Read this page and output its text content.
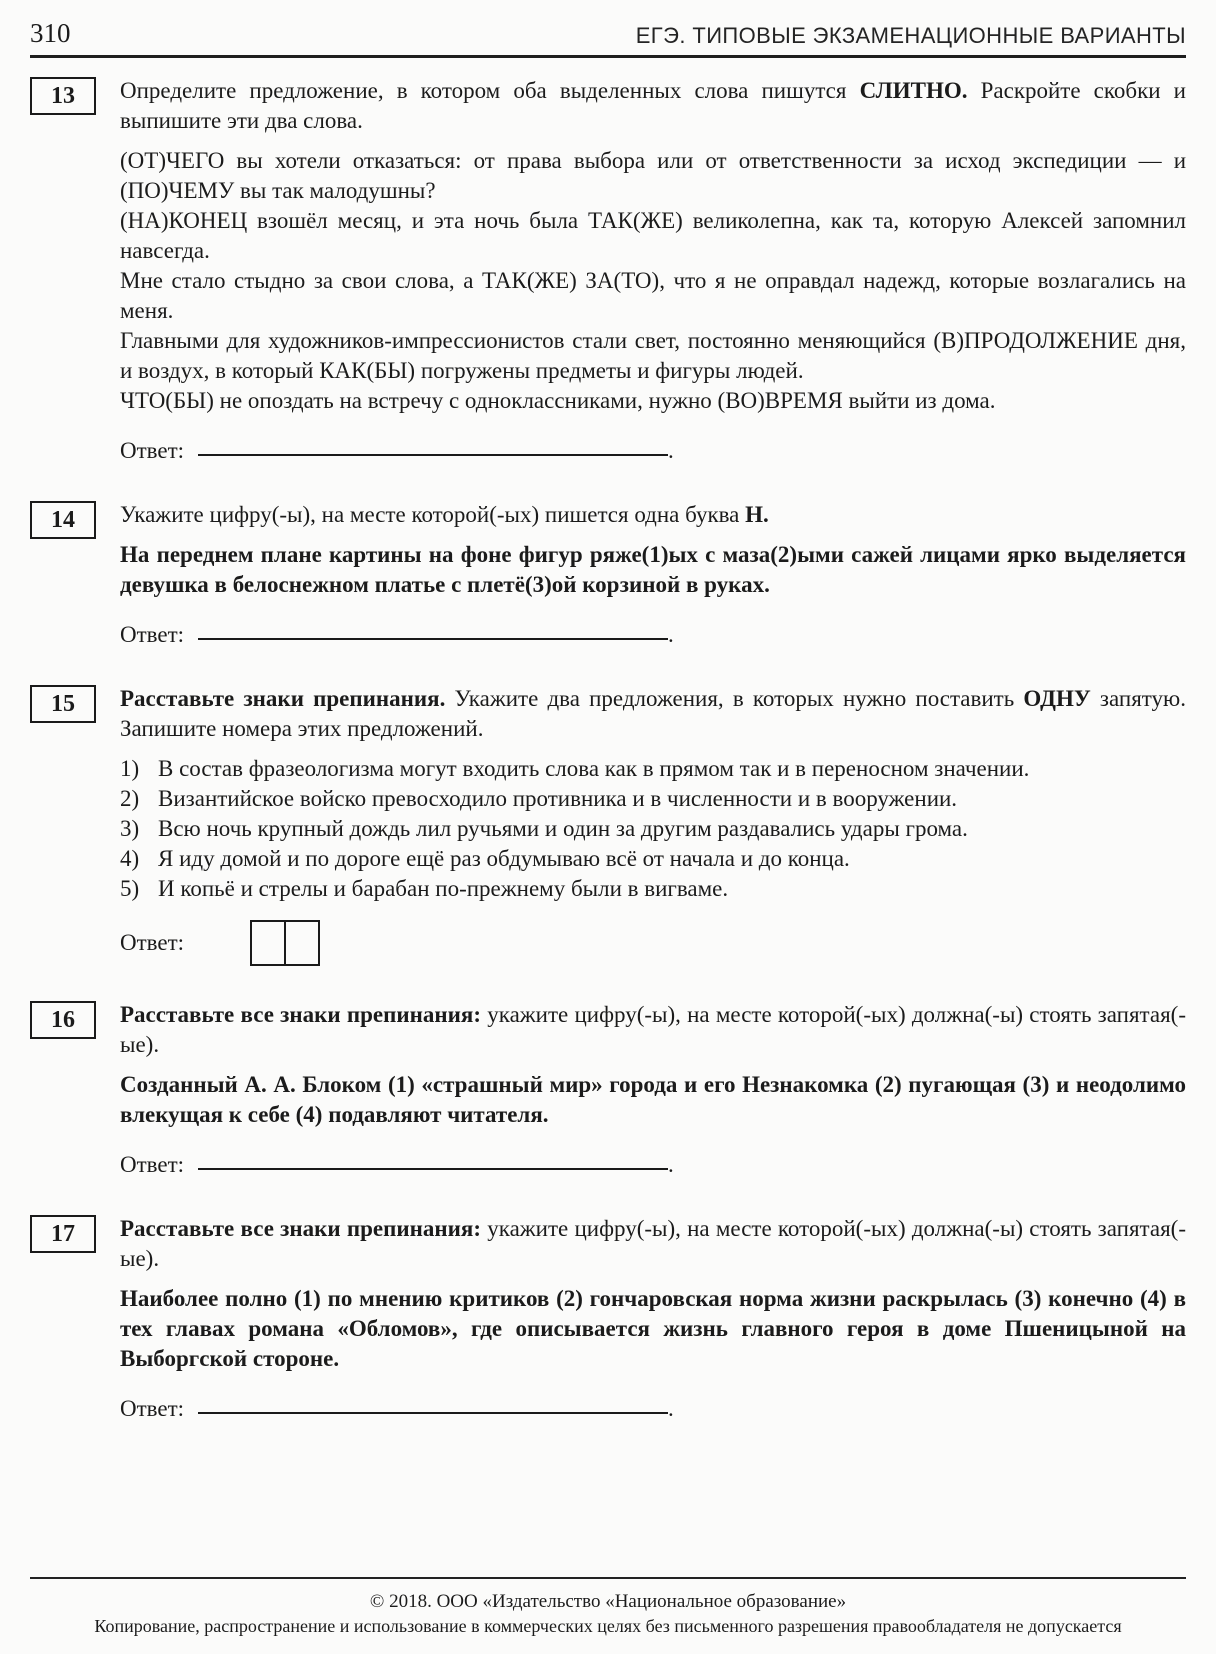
310	ЕГЭ. ТИПОВЫЕ ЭКЗАМЕНАЦИОННЫЕ ВАРИАНТЫ
13	Определите предложение, в котором оба выделенных слова пишутся СЛИТНО. Раскройте скобки и выпишите эти два слова.

(ОТ)ЧЕГО вы хотели отказаться: от права выбора или от ответственности за исход экспедиции — и (ПО)ЧЕМУ вы так малодушны?

(НА)КОНЕЦ взошёл месяц, и эта ночь была ТАК(ЖЕ) великолепна, как та, которую Алексей запомнил навсегда.

Мне стало стыдно за свои слова, а ТАК(ЖЕ) ЗА(ТО), что я не оправдал надежд, которые возлагались на меня.

Главными для художников-импрессионистов стали свет, постоянно меняющийся (В)ПРОДОЛЖЕНИЕ дня, и воздух, в который КАК(БЫ) погружены предметы и фигуры людей.

ЧТО(БЫ) не опоздать на встречу с одноклассниками, нужно (ВО)ВРЕМЯ выйти из дома.

Ответ:	.
14	Укажите цифру(-ы), на месте которой(-ых) пишется одна буква Н.

На переднем плане картины на фоне фигур ряже(1)ых с маза(2)ыми сажей лицами ярко выделяется девушка в белоснежном платье с плетё(3)ой корзиной в руках.

Ответ:	.
15	Расставьте знаки препинания. Укажите два предложения, в которых нужно поставить ОДНУ запятую. Запишите номера этих предложений.

1) В состав фразеологизма могут входить слова как в прямом так и в переносном значении.
2) Византийское войско превосходило противника и в численности и в вооружении.
3) Всю ночь крупный дождь лил ручьями и один за другим раздавались удары грома.
4) Я иду домой и по дороге ещё раз обдумываю всё от начала и до конца.
5) И копьё и стрелы и барабан по-прежнему были в вигваме.
Ответ:
16	Расставьте все знаки препинания: укажите цифру(-ы), на месте которой(-ых) должна(-ы) стоять запятая(-ые).

Созданный А. А. Блоком (1) «страшный мир» города и его Незнакомка (2) пугающая (3) и неодолимо влекущая к себе (4) подавляют читателя.

Ответ:	.
17	Расставьте все знаки препинания: укажите цифру(-ы), на месте которой(-ых) должна(-ы) стоять запятая(-ые).

Наиболее полно (1) по мнению критиков (2) гончаровская норма жизни раскрылась (3) конечно (4) в тех главах романа «Обломов», где описывается жизнь главного героя в доме Пшеницыной на Выборгской стороне.

Ответ:	.

© 2018. ООО «Издательство «Национальное образование»

Копирование, распространение и использование в коммерческих целях без письменного разрешения правообладателя не допускается
